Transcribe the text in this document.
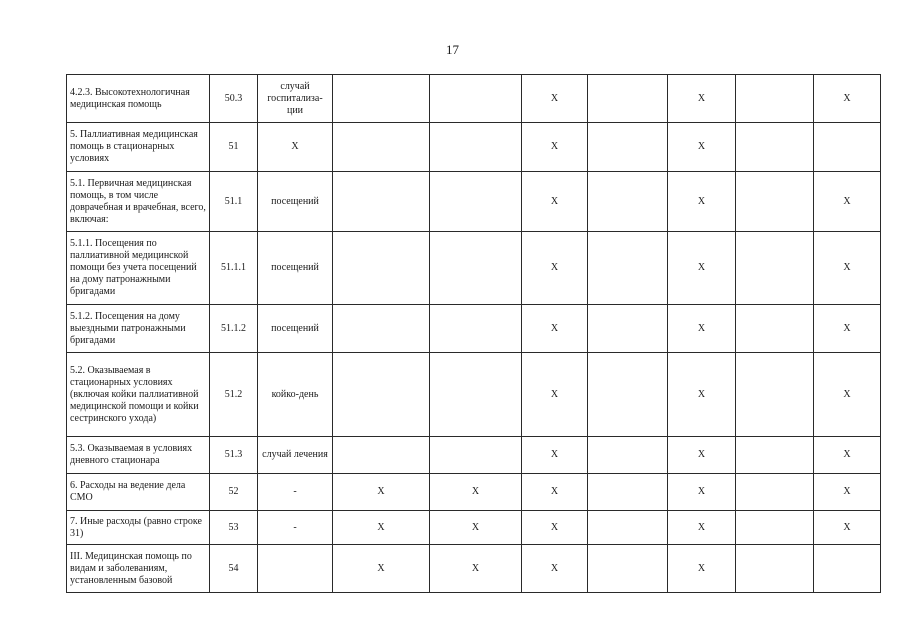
17
4.2.3. Высокотехнологичная медицинская помощь	50.3	случай госпитализа-ции			Х		Х		Х
5. Паллиативная медицинская помощь в стационарных условиях	51	Х			Х		Х		
5.1. Первичная медицинская помощь, в том числе доврачебная и врачебная, всего, включая:	51.1	посещений			Х		Х		Х
5.1.1. Посещения по паллиативной медицинской помощи без учета посещений на дому патронажными бригадами	51.1.1	посещений			Х		Х		Х
5.1.2. Посещения на дому выездными патронажными бригадами	51.1.2	посещений			Х		Х		Х
5.2. Оказываемая в стационарных условиях (включая койки паллиативной медицинской помощи и койки сестринского ухода)	51.2	койко-день			Х		Х		Х
5.3. Оказываемая в условиях дневного стационара	51.3	случай лечения			Х		Х		Х
6. Расходы на ведение дела СМО	52	-	Х	Х	Х		Х		Х
7. Иные расходы (равно строке 31)	53	-	Х	Х	Х		Х		Х
III. Медицинская помощь по видам и заболеваниям, установленным базовой	54		Х	Х	Х		Х		
